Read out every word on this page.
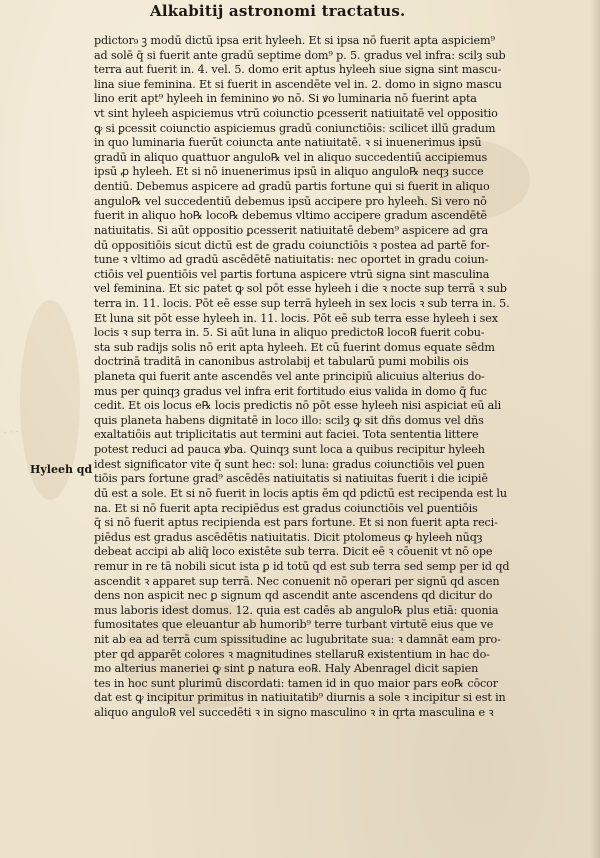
Alkabitij astronomi tractatus.
· · ·
Hyleeh qd
pdictor₉ ꝫ modū dictū ipsa erit hyleeh. Et si ipsa nō fuerit apta aspiciem⁹
ad solē q̄ si fuerit ante gradū septime dom⁹ p. 5. gradus vel infra: scilȝ sub
terra aut fuerit in. 4. vel. 5. domo erit aptus hyleeh siue signa sint mascu-
lina siue feminina. Et si fuerit in ascendēte vel in. 2. domo in signo mascu
lino erit apt⁹ hyleeh in feminino ꝟo nō. Si ꝟo luminaria nō fuerint apta
vt sint hyleeh aspiciemus vtrū coiunctio ꝑcesserit natiuitatē vel oppositio
ꝙ si ꝑcessit coiunctio aspiciemus gradū coniunctiōis: scilicet illū gradum
in quo luminaria fuerūt coiuncta ante natiuitatē. ꝛ si inuenerimus ipsū
gradū in aliquo quattuor angulo℞ vel in aliquo succedentiū accipiemus
ipsū ꝓ hyleeh. Et si nō inuenerimus ipsū in aliquo angulo℞ neqȝ succe
dentiū. Debemus aspicere ad gradū partis fortune qui si fuerit in aliquo
angulo℞ vel succedentiū debemus ipsū accipere pro hyleeh. Si vero nō
fuerit in aliquo ho℞ loco℞ debemus vltimo accipere gradum ascendētē
natiuitatis. Si aūt oppositio ꝑcesserit natiuitatē debem⁹ aspicere ad gra
dū oppositiōis sicut dictū est de gradu coiunctiōis ꝛ postea ad partē for-
tune ꝛ vltimo ad gradū ascēdētē natiuitatis: nec oportet in gradu coiun-
ctiōis vel ꝑuentiōis vel partis fortuna aspicere vtrū signa sint masculina
vel feminina. Et sic patet ꝙ sol pōt esse hyleeh i die ꝛ nocte sup terrā ꝛ sub
terra in. 11. locis. Pōt eē esse sup terrā hyleeh in sex locis ꝛ sub terra in. 5.
Et luna sit pōt esse hyleeh in. 11. locis. Pōt eē sub terra esse hyleeh i sex
locis ꝛ sup terra in. 5. Si aūt luna in aliquo predicto℞ loco℞ fuerit cobu-
sta sub radijs solis nō erit apta hyleeh. Et cū fuerint domus equate sēdm
doctrinā traditā in canonibus astrolabij et tabularū pumi mobilis ois
planeta qui fuerit ante ascendēs vel ante principiū alicuius alterius do-
mus per quinqȝ gradus vel infra erit fortitudo eius valida in domo q̄ fuc
cedit. Et ois locus e℞ locis predictis nō pōt esse hyleeh nisi aspiciat eū ali
quis planeta habens dignitatē in loco illo: scilȝ ꝙ sit dñs domus vel dñs
exaltatiōis aut triplicitatis aut termini aut faciei. Tota sententia littere
potest reduci ad pauca ꝟba. Quinqȝ sunt loca a quibus recipitur hyleeh
idest significator vite q̄ sunt hec: sol: luna: gradus coiunctiōis vel ꝑuen
tiōis pars fortune grad⁹ ascēdēs natiuitatis si natiuitas fuerit i die icipiē
dū est a sole. Et si nō fuerit in locis aptis ēm qd̄ pdictū est recipenda est lu
na. Et si nō fuerit apta recipiēdus est gradus coiunctiōis vel ꝑuentiōis
q̄ si nō fuerit aptus recipienda est pars fortune. Et si non fuerit apta reci-
piēdus est gradus ascēdētis natiuitatis. Dicit ptolomeus ꝙ hyleeh nūqȝ
debeat accipi ab aliq̄ loco existēte sub terra. Dicit eē ꝛ cōuenit vt nō ope
remur in re tā nobili sicut ista ꝑ id totū qd̄ est sub terra sed semp per id qd̄
ascendit ꝛ apparet sup terrā. Nec conuenit nō operari per signū qd̄ ascen
dens non aspicit nec ꝑ signum qd̄ ascendit ante ascendens qd̄ dicitur do
mus laboris idest domus. 12. quia est cadēs ab angulo℞ plus etiā: quonia
fumositates que eleuantur ab humorib⁹ terre turbant virtutē eius que ve
nit ab ea ad terrā cum spissitudine ac lugubritate sua: ꝛ damnāt eam pro-
pter qd̄ apparēt colores ꝛ magnitudines stellaru℞ existentium in hac do-
mo alterius maneriei ꝙ sint ꝑ natura eo℞. Haly Abenragel dicit sapien
tes in hoc sunt plurimū discordati: tamen id in quo maior pars eo℞ cōcor
dat est ꝙ incipitur primitus in natiuitatib⁹ diurnis a sole ꝛ incipitur si est in
aliquo angulo℞ vel succedēti ꝛ in signo masculino ꝛ in qrta masculina e ꝛ
